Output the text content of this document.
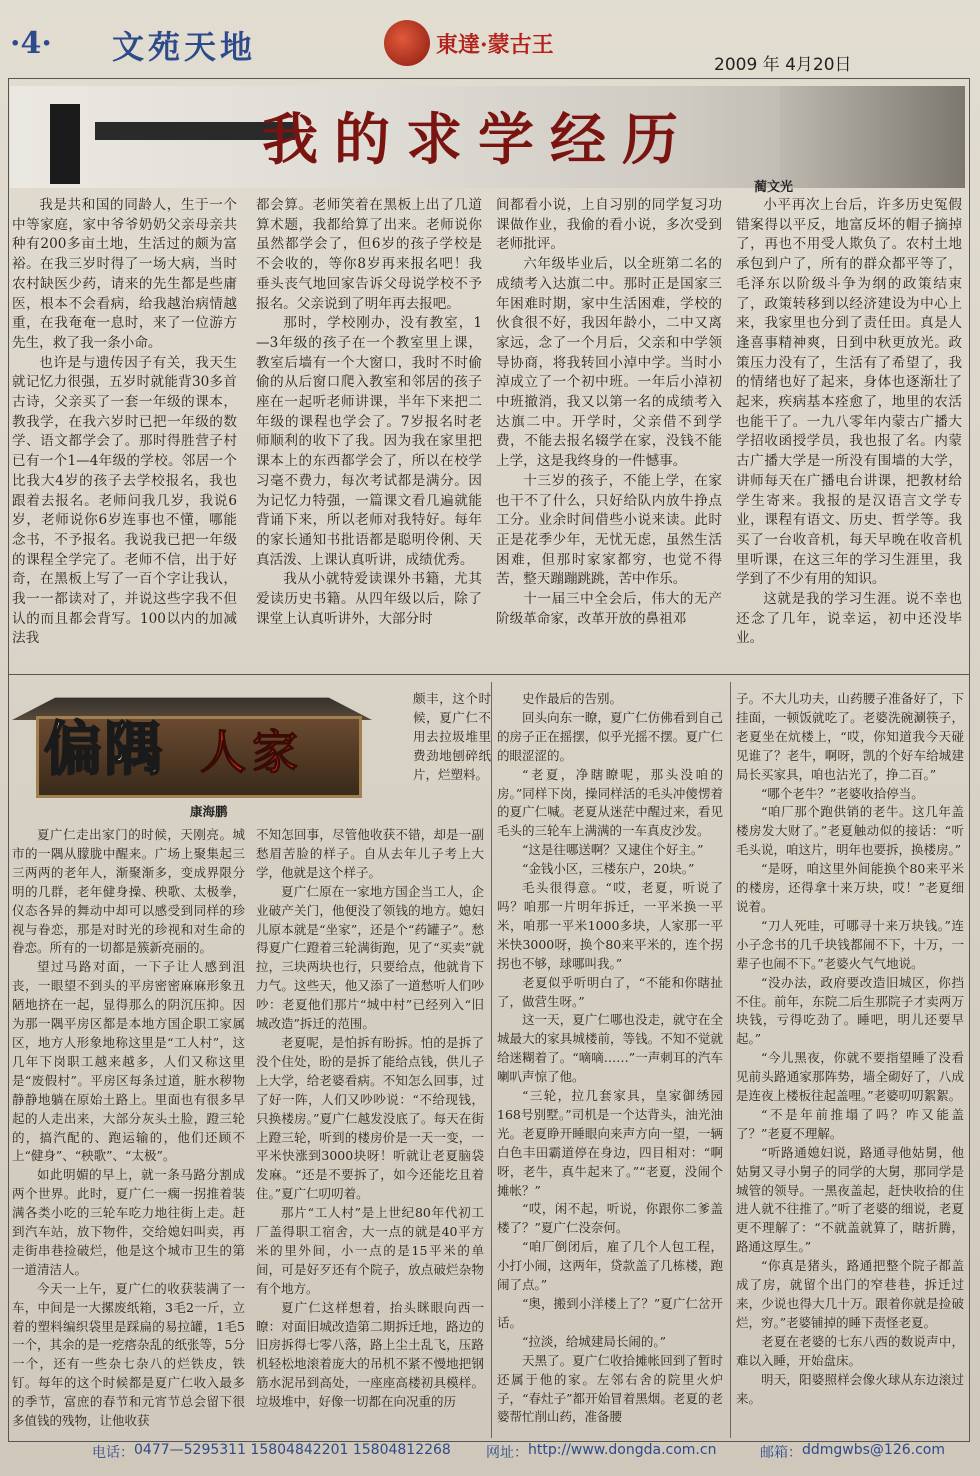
·4· 文苑天地	東達·蒙古王
2009 年 4月20日
我的求学经历
蔺文光

我是共和国的同龄人，生于一个中等家庭，家中爷爷奶奶父亲母亲共种有200多亩土地，生活过的颇为富裕。在我三岁时得了一场大病，当时农村缺医少药，请来的先生都是些庸医，根本不会看病，给我越治病情越重，在我奄奄一息时，来了一位游方先生，救了我一条小命。

也许是与遗传因子有关，我天生就记忆力很强，五岁时就能背30多首古诗，父亲买了一套一年级的课本，教我学，在我六岁时已把一年级的数学、语文都学会了。那时得胜营子村已有一个1—4年级的学校。邻居一个比我大4岁的孩子去学校报名，我也跟着去报名。老师问我几岁，我说6岁，老师说你6岁连事也不懂，哪能念书，不予报名。我说我已把一年级的课程全学完了。老师不信，出于好奇，在黑板上写了一百个字让我认，我一一都读对了，并说这些字我不但认的而且都会背写。100以内的加减法我

都会算。老师笑着在黑板上出了几道算术题，我都给算了出来。老师说你虽然都学会了，但6岁的孩子学校是不会收的，等你8岁再来报名吧！我垂头丧气地回家告诉父母说学校不予报名。父亲说到了明年再去报吧。

那时，学校刚办，没有教室，1—3年级的孩子在一个教室里上课，教室后墙有一个大窗口，我时不时偷偷的从后窗口爬入教室和邻居的孩子座在一起听老师讲课，半年下来把二年级的课程也学会了。7岁报名时老师顺利的收下了我。因为我在家里把课本上的东西都学会了，所以在校学习毫不费力，每次考试都是满分。因为记忆力特强，一篇课文看几遍就能背诵下来，所以老师对我特好。每年的家长通知书批语都是聪明伶俐、天真活泼、上课认真听讲，成绩优秀。

我从小就特爱读课外书籍，尤其爱读历史书籍。从四年级以后，除了课堂上认真听讲外，大部分时

间都看小说，上自习别的同学复习功课做作业，我偷的看小说，多次受到老师批评。

六年级毕业后，以全班第二名的成绩考入达旗二中。那时正是国家三年困难时期，家中生活困难，学校的伙食很不好，我因年龄小，二中又离家远，念了一个月后，父亲和中学领导协商，将我转回小淖中学。当时小淖成立了一个初中班。一年后小淖初中班撤消，我又以第一名的成绩考入达旗二中。开学时，父亲借不到学费，不能去报名辍学在家，没钱不能上学，这是我终身的一件憾事。

十三岁的孩子，不能上学，在家也干不了什么，只好给队内放牛挣点工分。业余时间借些小说来读。此时正是花季少年，无忧无虑，虽然生活困难，但那时家家都穷，也觉不得苦，整天蹦蹦跳跳，苦中作乐。

十一届三中全会后，伟大的无产阶级革命家，改革开放的鼻祖邓

小平再次上台后，许多历史冤假错案得以平反，地富反坏的帽子摘掉了，再也不用受人欺负了。农村土地承包到户了，所有的群众都平等了，毛泽东以阶级斗争为纲的政策结束了，政策转移到以经济建设为中心上来，我家里也分到了责任田。真是人逢喜事精神爽，日到中秋更放光。政策压力没有了，生活有了希望了，我的情绪也好了起来，身体也逐渐壮了起来，疾病基本痊愈了，地里的农活也能干了。一九八零年内蒙古广播大学招收函授学员，我也报了名。内蒙古广播大学是一所没有围墙的大学，讲师每天在广播电台讲课，把教材给学生寄来。我报的是汉语言文学专业，课程有语文、历史、哲学等。我买了一台收音机，每天早晚在收音机里听课，在这三年的学习生涯里，我学到了不少有用的知识。

这就是我的学习生涯。说不幸也还念了几年，说幸运，初中还没毕业。

偏隅 人家
康海鹏

颇丰，这个时候，夏广仁不用去拉圾堆里费劲地刨碎纸片，烂塑料。

夏广仁走出家门的时候，天刚亮。城市的一隅从朦胧中醒来。广场上聚集起三三两两的老年人，渐聚渐多，变成界限分明的几群，老年健身操、秧歌、太极拳，仪态各异的舞动中却可以感受到同样的珍视与眷恋，那是对时光的珍视和对生命的眷恋。所有的一切都是簇新亮丽的。

望过马路对面，一下子让人感到沮丧，一眼望不到头的平房密密麻麻形象丑陋地挤在一起，显得那么的阴沉压抑。因为那一隅平房区都是本地方国企职工家属区，地方人形象地称这里是“工人村”，这几年下岗职工越来越多，人们又称这里是“废假村”。平房区每条过道，脏水秽物静静地躺在原始土路上。里面也有很多早起的人走出来，大部分灰头土脸，蹬三轮的，搞汽配的、跑运输的，他们还顾不上“健身”、“秧歌”、“太极”。

如此明媚的早上，就一条马路分割成两个世界。此时，夏广仁一瘸一拐推着装满各类小吃的三轮车吃力地往街上走。赶到汽车站，放下物件，交给媳妇叫卖，再走街串巷捡破烂，他是这个城市卫生的第一道清洁人。

今天一上午，夏广仁的收获装满了一车，中间是一大摞废纸箱，3毛2一斤，立着的塑料编织袋里是踩扁的易拉罐，1毛5一个，其余的是一疙瘩杂乱的纸张等，5分一个，还有一些杂七杂八的烂铁皮，铁钉。每年的这个时候都是夏广仁收入最多的季节，富庶的春节和元宵节总会留下很多值钱的残物，让他收获

不知怎回事，尽管他收获不错，却是一副愁眉苦脸的样子。自从去年儿子考上大学，他就是这个样子。

夏广仁原在一家地方国企当工人，企业破产关门，他便没了领钱的地方。媳妇儿原本就是“坐家”，还是个“药罐子”。愁得夏广仁蹬着三轮满街跑，见了“买卖”就拉，三块两块也行，只要给点，他就肯下力气。这些天，他又添了一道愁听人们吵吵：老夏他们那片“城中村”已经列入“旧城改造”拆迁的范围。

老夏呢，是怕拆有盼拆。怕的是拆了没个住处，盼的是拆了能给点钱，供儿子上大学，给老婆看病。不知怎么回事，过了好一阵，人们又吵吵说：“不给现钱，只换楼房。”夏广仁越发没底了。每天在街上蹬三轮，听到的楼房价是一天一变，一平米快涨到3000块呀！听就让老夏脑袋发麻。“还是不要拆了，如今还能圪且着住。”夏广仁叨叨着。

那片“工人村”是上世纪80年代初工厂盖得职工宿舍，大一点的就是40平方米的里外间，小一点的是15平米的单间，可是好歹还有个院子，放点破烂杂物有个地方。

夏广仁这样想着，抬头眯眼向西一瞭：对面旧城改造第二期拆迁地，路边的旧房拆得七零八落，路上尘土乱飞，压路机轻松地滚着庞大的吊机不紧不慢地把钢筋水泥吊到高处，一座座高楼初具模样。垃圾堆中，好像一切都在向况重的历

史作最后的告别。

回头向东一瞭，夏广仁仿佛看到自己的房子正在摇摆，似乎光摇不摆。夏广仁的眼涩涩的。

“老夏，净瞎瞭呢，那头没咱的房。”同样下岗，操同样活的毛头冲傻愣着的夏广仁喊。老夏从迷茫中醒过来，看见毛头的三轮车上满满的一车真皮沙发。

“这是往哪送啊？又逮住个好主。”

“金钱小区，三楼东户，20块。”

毛头很得意。“哎，老夏，听说了吗？咱那一片明年拆迁，一平米换一平米，咱那一平米1000多块，人家那一平米快3000呀，换个80来平米的，连个拐拐也不够，球哪叫我。”

老夏似乎听明白了，“不能和你瞎扯了，做营生呀。”

这一天，夏广仁哪也没走，就守在全城最大的家具城楼前，等钱。不知不觉就给迷糊着了。“嘀嘀……”一声刺耳的汽车喇叭声惊了他。

“三轮，拉几套家具，皇家御绣园168号别墅。”司机是一个达背头，油光油光。老夏睁开睡眼向来声方向一望，一辆白色丰田霸道停在身边，四目相对：“啊呀，老牛，真牛起来了。”“老夏，没闹个摊帐？”

“哎，闲不起，听说，你跟你二爹盖楼了？”夏广仁没奈何。

“咱厂倒闭后，雇了几个人包工程，小打小闹，这两年，贷款盖了几栋楼，跑闹了点。”

“奥，搬到小洋楼上了？”夏广仁岔开话。

“拉淡，给城建局长闹的。”

天黑了。夏广仁收拾摊帐回到了暂时还属于他的家。左邻右舍的院里火炉子，“春灶子”都开始冒着黑烟。老夏的老婆帮忙削山药，准备腰

子。不大儿功夫，山药腰子准备好了，下挂面，一顿饭就吃了。老婆洗碗涮筷子，老夏坐在炕楼上，“哎，你知道我今天碰见谁了？老牛，啊呀，凯的个好车给城建局长买家具，咱也沾光了，挣二百。”

“哪个老牛？”老婆收拾停当。

“咱厂那个跑供销的老牛。这几年盖楼房发大财了。”老夏触动似的接话：“听毛头说，咱这片，明年也要拆，换楼房。”

“是呀，咱这里外间能换个80来平米的楼房，还得拿十来万块，哎！”老夏细说着。

“刀人死哇，可哪寻十来万块钱。”连小子念书的几千块钱都闹不下，十万，一辈子也闹不下。”老婆火气气地说。

“没办法，政府要改造旧城区，你挡不住。前年，东院二后生那院子才卖两万块钱，亏得吃劲了。睡吧，明儿还要早起。”

“今儿黑夜，你就不要指望睡了没看见前头路通家那阵势，墙全砌好了，八成是连夜上楼板往起盖哩。”老婆叨叨絮絮。

“不是年前推塌了吗？咋又能盖了？”老夏不理解。

“听路通媳妇说，路通寻他姑舅，他姑舅又寻小舅子的同学的大舅，那同学是城管的领导。一黑夜盖起，赶快收拾的住进人就不往推了。”听了老婆的细说，老夏更不理解了：“不就盖就算了，瞎折腾，路通这厚生。”

“你真是猪头，路通把整个院子都盖成了房，就留个出门的窄巷巷，拆迁过来，少说也得大几十万。跟着你就是捡破烂，穷。”老婆铺掉的睡下责怪老夏。

老夏在老婆的七东八西的数说声中，难以入睡，开始盘床。

明天，阳婆照样会像火球从东边滚过来。

电话： 0477—5295311 15804842201 15804812268	网址： http://www.dongda.com.cn	邮箱： ddmgwbs@126.com
